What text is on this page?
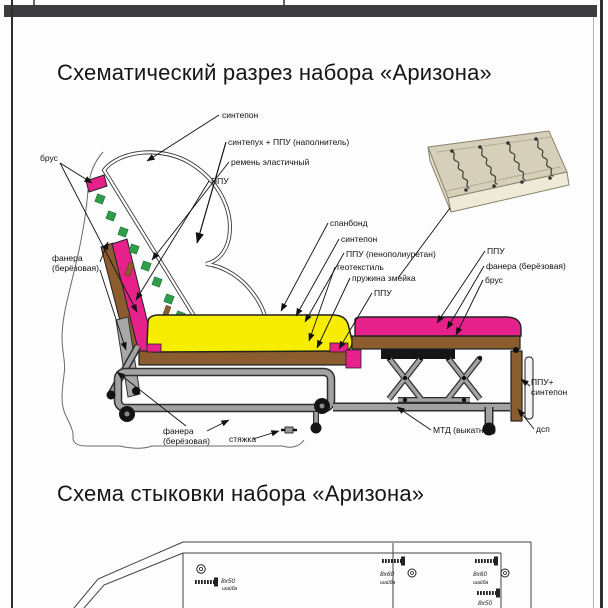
Схематический разрез набора «Аризона»
Схема стыковки набора «Аризона»
8x50
шайба
8x60
шайба
8x60
шайба
8x50
синтепон
синтепух + ППУ (наполнитель)
ремень эластичный
ППУ
брус
фанера
(берёзовая)
спанбонд
синтепон
ППУ (пенополиуретан)
геотекстиль
пружина змейка
ППУ
ППУ
фанера (берёзовая)
брус
ППУ+
синтепон
дсп
МТД (выкатной)
фанера
(берёзовая) стяжка
